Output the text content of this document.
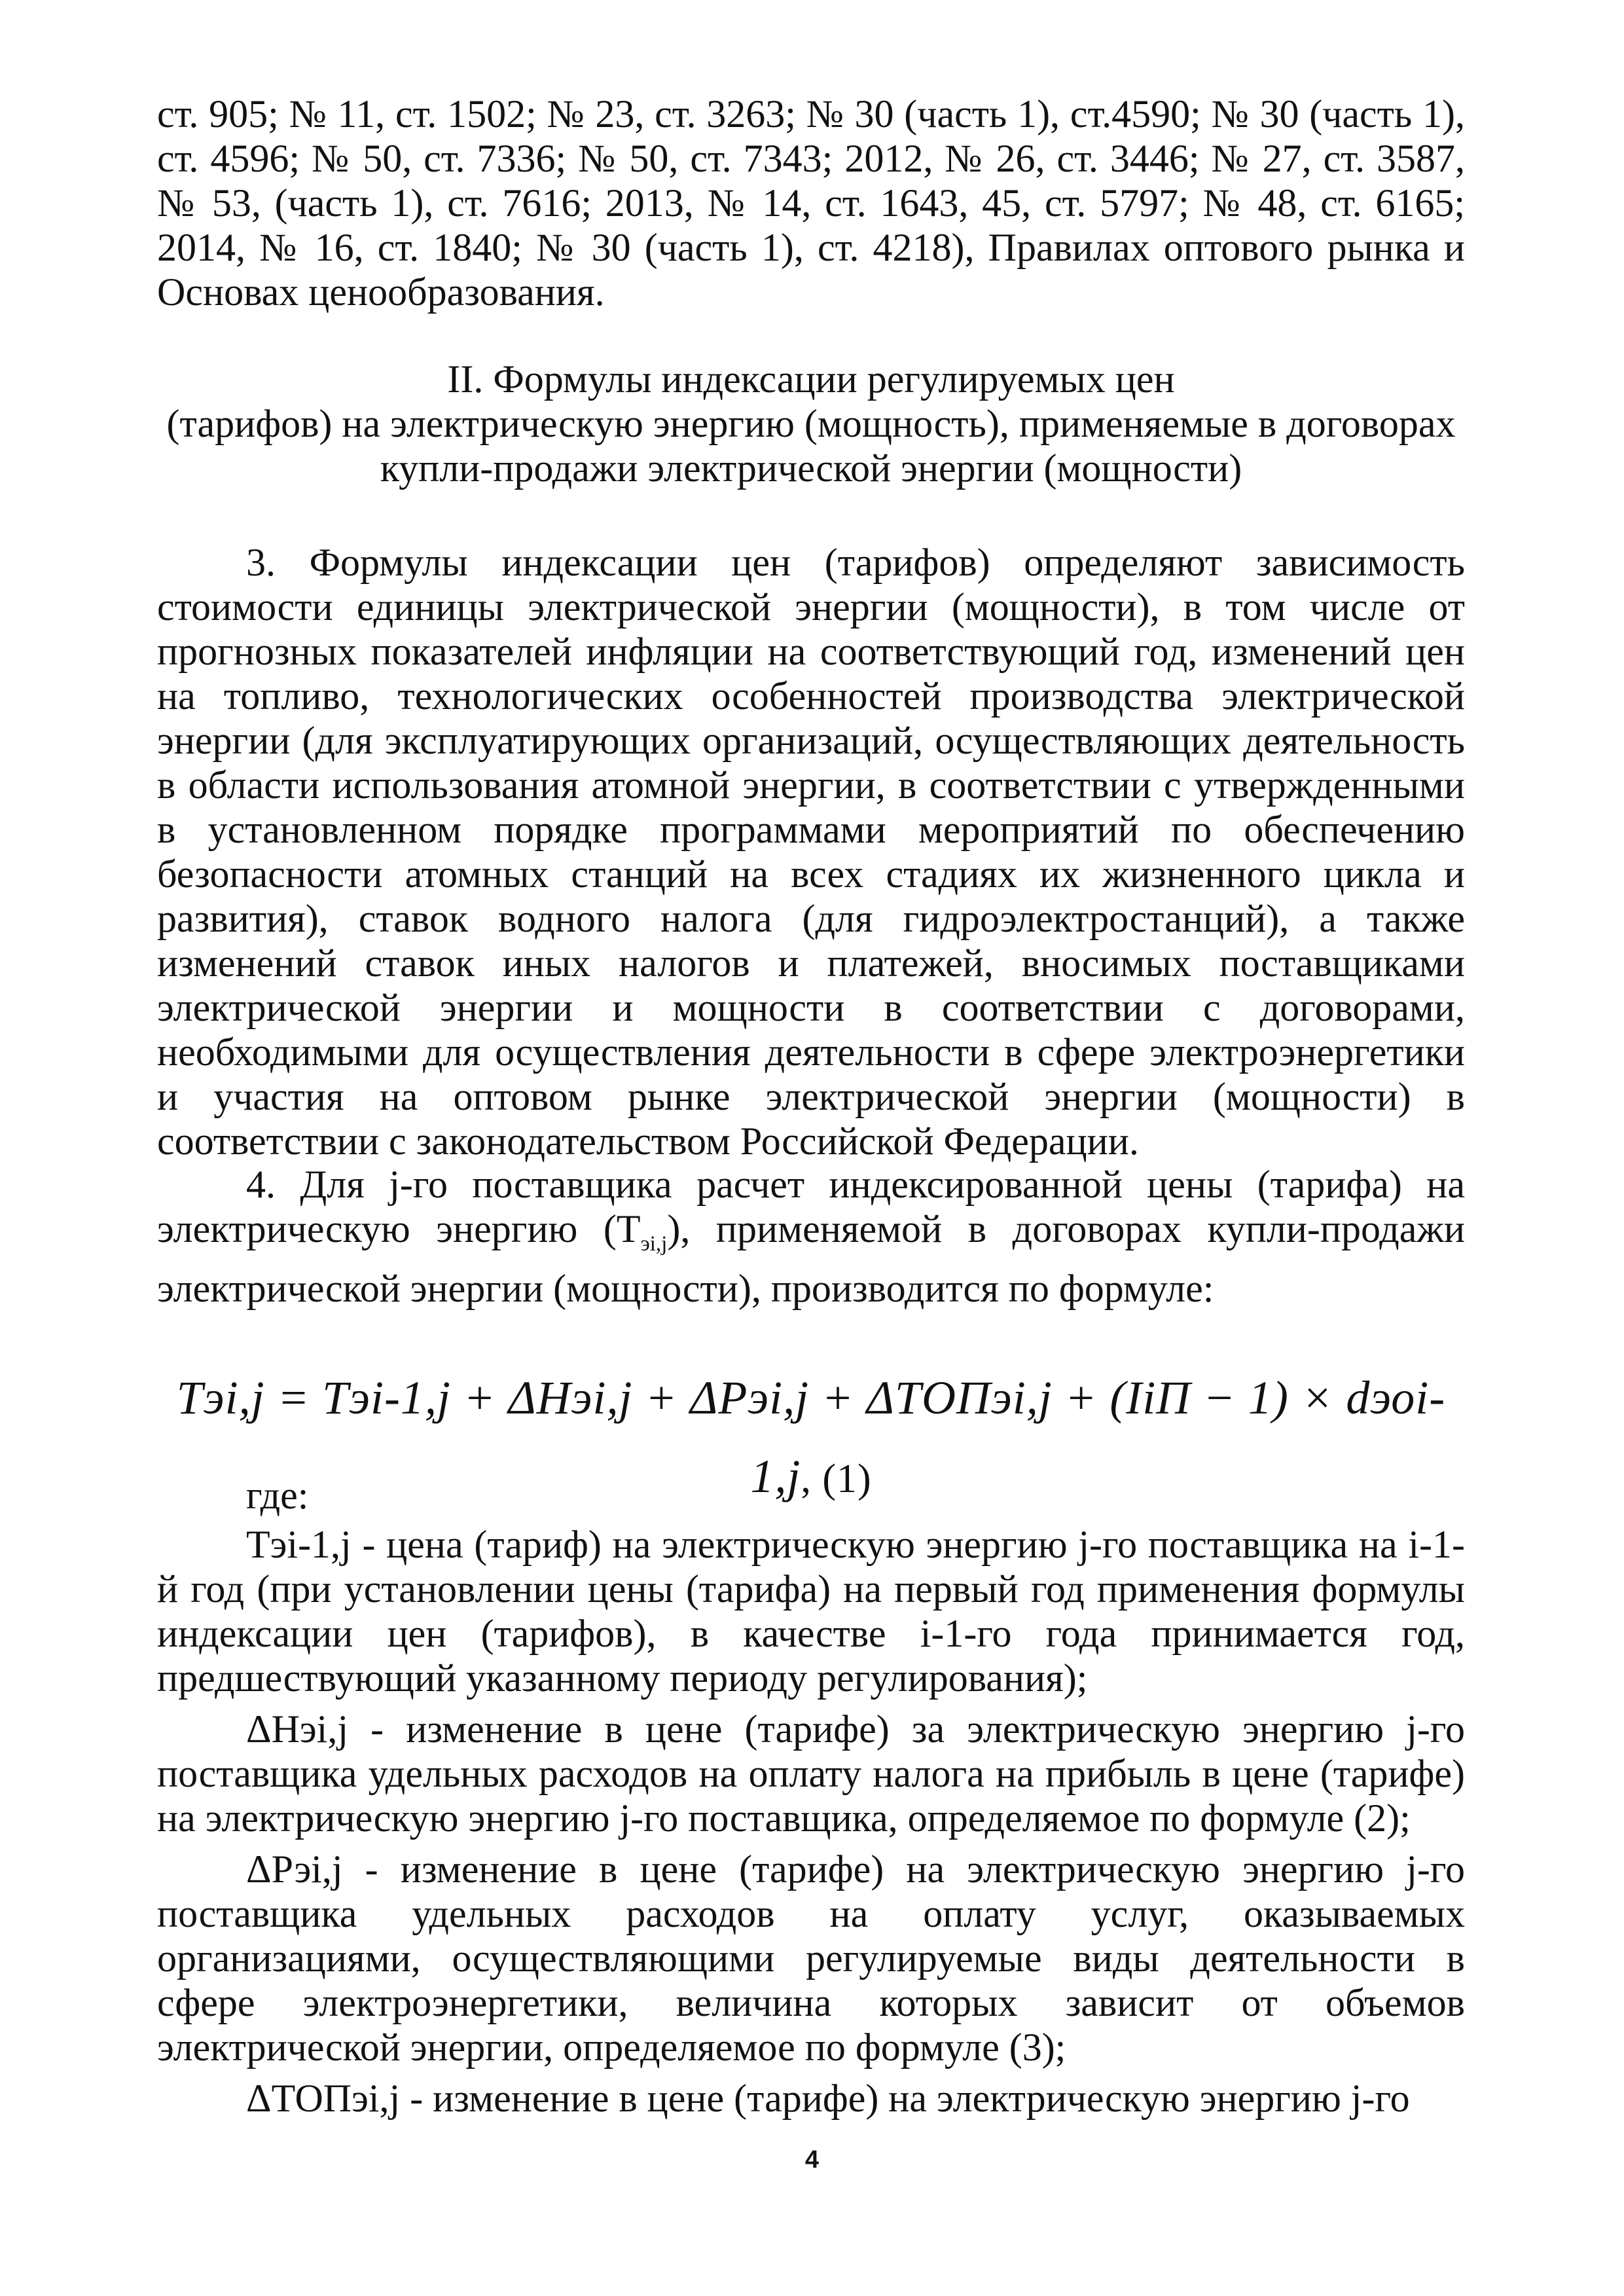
ст. 905; № 11, ст. 1502; № 23, ст. 3263; № 30 (часть 1), ст.4590; № 30 (часть 1), ст. 4596; № 50, ст. 7336; № 50, ст. 7343; 2012, № 26, ст. 3446; № 27, ст. 3587, № 53, (часть 1), ст. 7616; 2013, № 14, ст. 1643, 45, ст. 5797; № 48, ст. 6165; 2014, № 16, ст. 1840; № 30 (часть 1), ст. 4218), Правилах оптового рынка и Основах ценообразования.

II. Формулы индексации регулируемых цен
(тарифов) на электрическую энергию (мощность), применяемые в договорах
купли-продажи электрической энергии (мощности)

3. Формулы индексации цен (тарифов) определяют зависимость стоимости единицы электрической энергии (мощности), в том числе от прогнозных показателей инфляции на соответствующий год, изменений цен на топливо, технологических особенностей производства электрической энергии (для эксплуатирующих организаций, осуществляющих деятельность в области использования атомной энергии, в соответствии с утвержденными в установленном порядке программами мероприятий по обеспечению безопасности атомных станций на всех стадиях их жизненного цикла и развития), ставок водного налога (для гидроэлектростанций), а также изменений ставок иных налогов и платежей, вносимых поставщиками электрической энергии и мощности в соответствии с договорами, необходимыми для осуществления деятельности в сфере электроэнергетики и участия на оптовом рынке электрической энергии (мощности) в соответствии с законодательством Российской Федерации.

4. Для j-го поставщика расчет индексированной цены (тарифа) на электрическую энергию $(T_{эi,j})$, применяемой в договорах купли-продажи электрической энергии (мощности), производится по формуле:

Tэi,j = Tэi-1,j + ΔHэi,j + ΔPэi,j + ΔТОПэi,j + (IiП − 1) × dэоi-1,j, (1)
где:

Tэi-1,j - цена (тариф) на электрическую энергию j-го поставщика на i-1-й год (при установлении цены (тарифа) на первый год применения формулы индексации цен (тарифов), в качестве i-1-го года принимается год, предшествующий указанному периоду регулирования);

ΔНэi,j - изменение в цене (тарифе) за электрическую энергию j-го поставщика удельных расходов на оплату налога на прибыль в цене (тарифе) на электрическую энергию j-го поставщика, определяемое по формуле (2);

ΔРэi,j - изменение в цене (тарифе) на электрическую энергию j-го поставщика удельных расходов на оплату услуг, оказываемых организациями, осуществляющими регулируемые виды деятельности в сфере электроэнергетики, величина которых зависит от объемов электрической энергии, определяемое по формуле (3);

ΔТОПэi,j - изменение в цене (тарифе) на электрическую энергию j-го

4
